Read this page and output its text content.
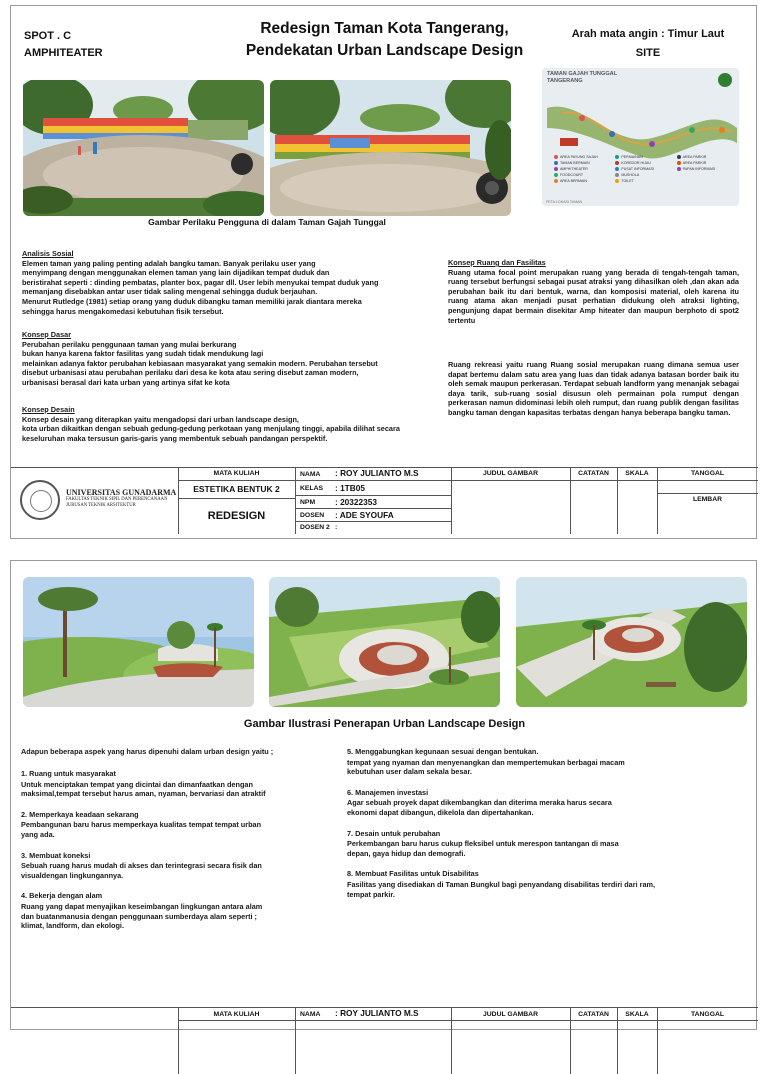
SPOT . C
AMPHITEATER
Redesign Taman Kota Tangerang,
Pendekatan Urban Landscape Design
Arah mata angin : Timur Laut
SITE
TAMAN GAJAH TUNGGAL
TANGERANG
AREA PAYUNG SAJAH
TAMAN BERMAIN
AMPHITHEATER
FOODCOURT
AREA BERMAIN
PERMAINAN
KOREDOR HIJAU
PUSAT INFORMASI
MUSHOLA
TOILET
AREA PARKIR
AREA PARKIR
PAPAN INFORMASI
PETA LOKASI TAMAN
Gambar Perilaku Pengguna di dalam Taman Gajah Tunggal
Analisis Sosial

Elemen taman yang paling penting adalah bangku taman. Banyak perilaku user yang
menyimpang dengan menggunakan elemen taman yang lain dijadikan tempat duduk dan
beristirahat seperti : dinding pembatas, planter box, pagar dll. User lebih menyukai tempat duduk yang
memanjang disebabkan antar user tidak saling mengenal sehingga duduk berjauhan.
Menurut Rutledge (1981) setiap orang yang duduk dibangku taman memiliki jarak diantara mereka
sehingga harus mengakomedasi kebutuhan fisik tersebut.

Konsep Dasar

Perubahan perilaku penggunaan taman yang mulai berkurang
bukan hanya karena faktor fasilitas yang sudah tidak mendukung lagi
melainkan adanya faktor perubahan kebiasaan masyarakat yang semakin modern. Perubahan tersebut
disebut urbanisasi atau perubahan perilaku dari desa ke kota atau sering disebut zaman modern,
urbanisasi berasal dari kata urban yang artinya sifat ke kota

Konsep Desain

Konsep desain yang diterapkan yaitu mengadopsi dari urban landscape design,
kota urban dikaitkan dengan sebuah gedung-gedung perkotaan yang menjulang tinggi, apabila dilihat secara
keseluruhan maka tersusun garis-garis yang membentuk sebuah pandangan perspektif.

Konsep Ruang dan Fasilitas

Ruang utama focal point merupakan ruang yang berada di tengah-tengah taman, ruang tersebut berfungsi sebagai pusat atraksi yang dihasilkan oleh ,dan akan ada perubahan baik itu dari bentuk, warna, dan komposisi material, oleh karena itu ruang atama akan menjadi pusat perhatian didukung oleh atraksi lighting, pengunjung dapat bermain disekitar Amp hiteater dan maupun berphoto di spot2 tertentu

Ruang rekreasi yaitu ruang Ruang sosial merupakan ruang dimana semua user dapat bertemu dalam satu area yang luas dan tidak adanya batasan border baik itu oleh semak maupun perkerasan. Terdapat sebuah landform yang menanjak sebagai daya tarik, sub-ruang sosial disusun oleh permainan pola rumput dengan perkerasan namun didominasi lebih oleh rumput, dan ruang publik dengan fasilitas bangku taman dengan kapasitas terbatas dengan hanya beberapa bangku taman.

UNIVERSITAS GUNADARMA
FAKULTAS TEKNIK SIPIL DAN PERENCANAAN
JURUSAN TEKNIK ARSITEKTUR
MATA KULIAH
ESTETIKA BENTUK 2
REDESIGN
NAMA : ROY JULIANTO M.S
KELAS : 1TB05
NPM : 20322353
DOSEN : ADE SYOUFA
DOSEN 2 :
JUDUL GAMBAR	CATATAN	SKALA	TANGGAL
LEMBAR
Gambar Ilustrasi Penerapan Urban Landscape Design
Adapun beberapa aspek yang harus dipenuhi dalam urban design yaitu ;
1. Ruang untuk masyarakat

Untuk menciptakan tempat yang dicintai dan dimanfaatkan dengan
maksimal,tempat tersebut harus aman, nyaman, bervariasi dan atraktif

2. Memperkaya keadaan sekarang

Pembangunan baru harus memperkaya kualitas tempat tempat urban
yang ada.

3. Membuat koneksi

Sebuah ruang harus mudah di akses dan terintegrasi secara fisik dan
visualdengan lingkungannya.

4. Bekerja dengan alam

Ruang yang dapat menyajikan keseimbangan lingkungan antara alam
dan buatanmanusia dengan penggunaan sumberdaya alam seperti ;
klimat, landform, dan ekologi.

5. Menggabungkan kegunaan sesuai dengan bentukan.

tempat yang nyaman dan menyenangkan dan mempertemukan berbagai macam
kebutuhan user dalam sekala besar.

6. Manajemen investasi

Agar sebuah proyek dapat dikembangkan dan diterima meraka harus secara
ekonomi dapat dibangun, dikelola dan dipertahankan.

7. Desain untuk perubahan

Perkembangan baru harus cukup fleksibel untuk merespon tantangan di masa
depan, gaya hidup dan demografi.

8. Membuat Fasilitas untuk Disabilitas

Fasilitas yang disediakan di Taman Bungkul bagi penyandang disabilitas terdiri dari ram,
tempat parkir.

MATA KULIAH	NAMA : ROY JULIANTO M.S	JUDUL GAMBAR	CATATAN	SKALA	TANGGAL
